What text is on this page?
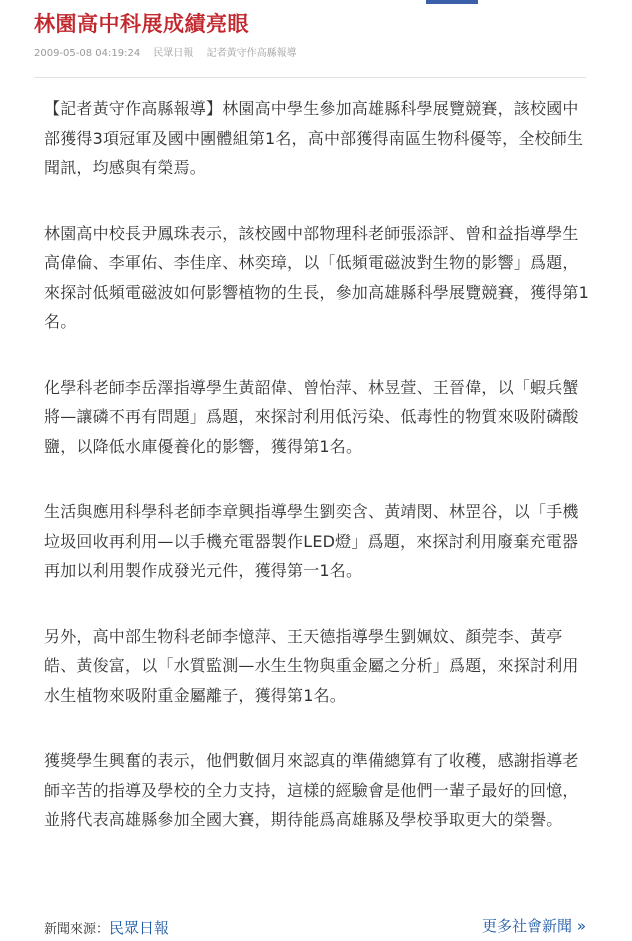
林園高中科展成績亮眼
2009-05-08 04:19:24 民眾日報 記者黃守作高縣報導

【記者黃守作高縣報導】林園高中學生參加高雄縣科學展覽競賽，該校國中部獲得3項冠軍及國中團體組第1名，高中部獲得南區生物科優等，全校師生聞訊，均感與有榮焉。

林園高中校長尹鳳珠表示，該校國中部物理科老師張添評、曾和益指導學生高偉倫、李軍佑、李佳庠、林奕璋，以「低頻電磁波對生物的影響」爲題，來探討低頻電磁波如何影響植物的生長，參加高雄縣科學展覽競賽，獲得第1名。

化學科老師李岳澤指導學生黃韶偉、曾怡萍、林昱萱、王晉偉，以「蝦兵蟹將—讓磷不再有問題」爲題，來探討利用低污染、低毒性的物質來吸附磷酸鹽，以降低水庫優養化的影響，獲得第1名。

生活與應用科學科老師李章興指導學生劉奕含、黃靖閔、林罡谷，以「手機垃圾回收再利用—以手機充電器製作LED燈」爲題，來探討利用廢棄充電器再加以利用製作成發光元件，獲得第一1名。

另外，高中部生物科老師李憶萍、王天德指導學生劉姵妏、顏莞李、黃亭皓、黃俊富，以「水質監測—水生生物與重金屬之分析」爲題，來探討利用水生植物來吸附重金屬離子，獲得第1名。

獲獎學生興奮的表示，他們數個月來認真的準備總算有了收穫，感謝指導老師辛苦的指導及學校的全力支持，這樣的經驗會是他們一輩子最好的回憶，並將代表高雄縣參加全國大賽，期待能爲高雄縣及學校爭取更大的榮譽。

新聞來源：民眾日報	更多社會新聞 »
